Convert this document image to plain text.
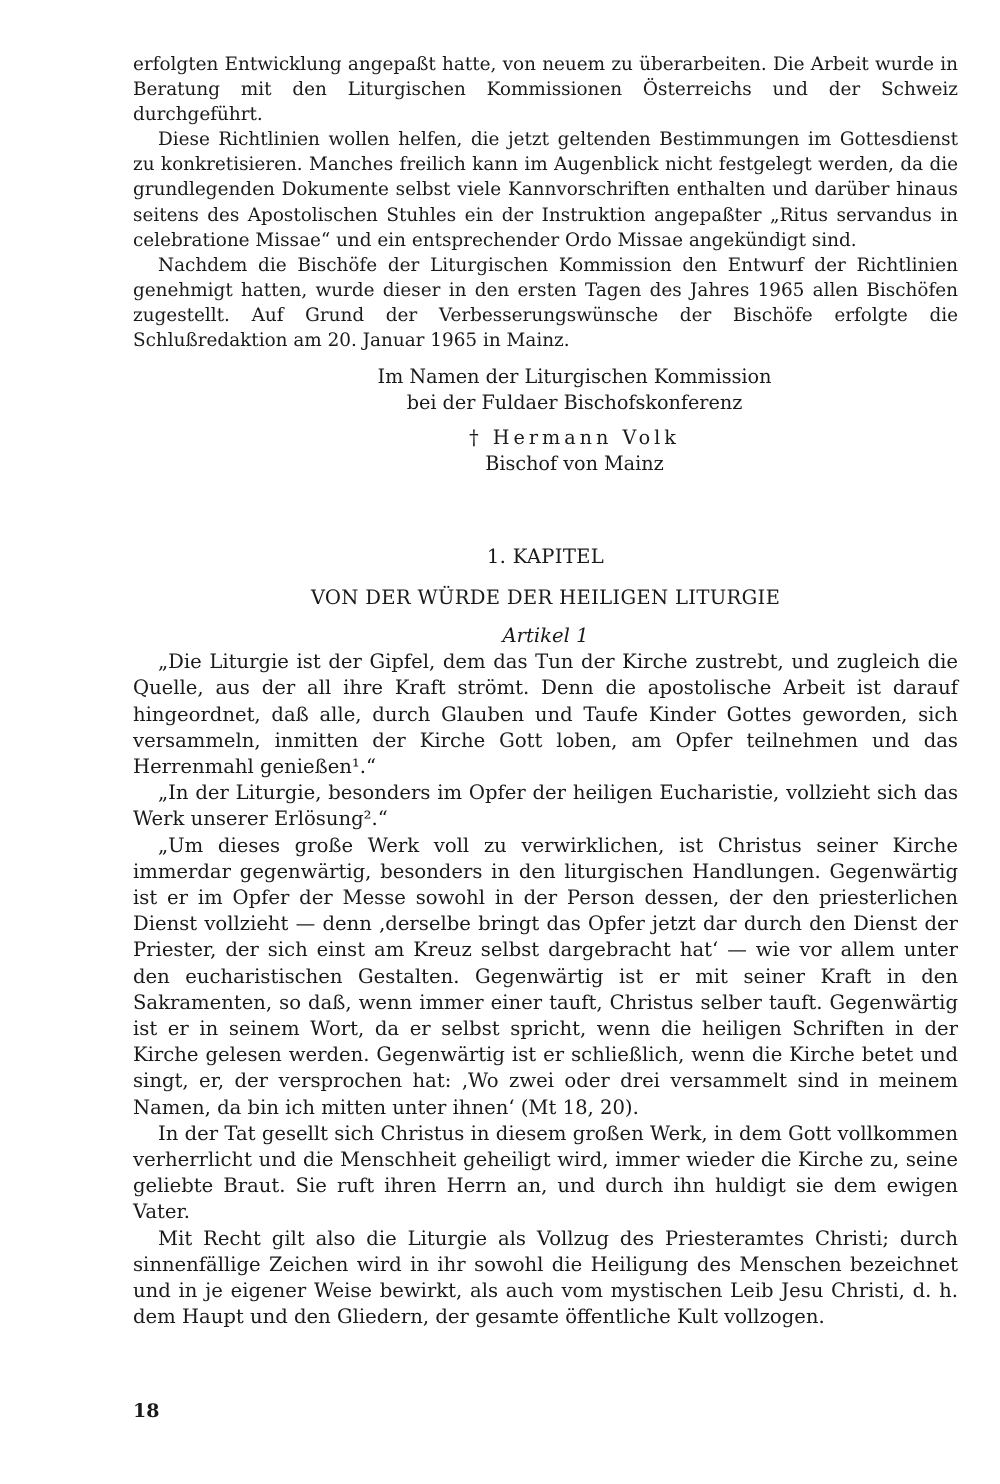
erfolgten Entwicklung angepaßt hatte, von neuem zu überarbeiten. Die Arbeit wurde in Beratung mit den Liturgischen Kommissionen Österreichs und der Schweiz durchgeführt.

Diese Richtlinien wollen helfen, die jetzt geltenden Bestimmungen im Gottesdienst zu konkretisieren. Manches freilich kann im Augenblick nicht festgelegt werden, da die grundlegenden Dokumente selbst viele Kannvorschriften enthalten und darüber hinaus seitens des Apostolischen Stuhles ein der Instruktion angepaßter „Ritus servandus in celebratione Missae“ und ein entsprechender Ordo Missae angekündigt sind.

Nachdem die Bischöfe der Liturgischen Kommission den Entwurf der Richtlinien genehmigt hatten, wurde dieser in den ersten Tagen des Jahres 1965 allen Bischöfen zugestellt. Auf Grund der Verbesserungswünsche der Bischöfe erfolgte die Schlußredaktion am 20. Januar 1965 in Mainz.

Im Namen der Liturgischen Kommission
bei der Fuldaer Bischofskonferenz
† Hermann Volk
Bischof von Mainz
1. KAPITEL
VON DER WÜRDE DER HEILIGEN LITURGIE
Artikel 1

„Die Liturgie ist der Gipfel, dem das Tun der Kirche zustrebt, und zugleich die Quelle, aus der all ihre Kraft strömt. Denn die apostolische Arbeit ist darauf hingeordnet, daß alle, durch Glauben und Taufe Kinder Gottes geworden, sich versammeln, inmitten der Kirche Gott loben, am Opfer teilnehmen und das Herrenmahl genießen¹.“

„In der Liturgie, besonders im Opfer der heiligen Eucharistie, vollzieht sich das Werk unserer Erlösung².“

„Um dieses große Werk voll zu verwirklichen, ist Christus seiner Kirche immerdar gegenwärtig, besonders in den liturgischen Handlungen. Gegenwärtig ist er im Opfer der Messe sowohl in der Person dessen, der den priesterlichen Dienst vollzieht — denn ‚derselbe bringt das Opfer jetzt dar durch den Dienst der Priester, der sich einst am Kreuz selbst dargebracht hat‘ — wie vor allem unter den eucharistischen Gestalten. Gegenwärtig ist er mit seiner Kraft in den Sakramenten, so daß, wenn immer einer tauft, Christus selber tauft. Gegenwärtig ist er in seinem Wort, da er selbst spricht, wenn die heiligen Schriften in der Kirche gelesen werden. Gegenwärtig ist er schließlich, wenn die Kirche betet und singt, er, der versprochen hat: ‚Wo zwei oder drei versammelt sind in meinem Namen, da bin ich mitten unter ihnen‘ (Mt 18, 20).

In der Tat gesellt sich Christus in diesem großen Werk, in dem Gott vollkommen verherrlicht und die Menschheit geheiligt wird, immer wieder die Kirche zu, seine geliebte Braut. Sie ruft ihren Herrn an, und durch ihn huldigt sie dem ewigen Vater.

Mit Recht gilt also die Liturgie als Vollzug des Priesteramtes Christi; durch sinnenfällige Zeichen wird in ihr sowohl die Heiligung des Menschen bezeichnet und in je eigener Weise bewirkt, als auch vom mystischen Leib Jesu Christi, d. h. dem Haupt und den Gliedern, der gesamte öffentliche Kult vollzogen.

18
